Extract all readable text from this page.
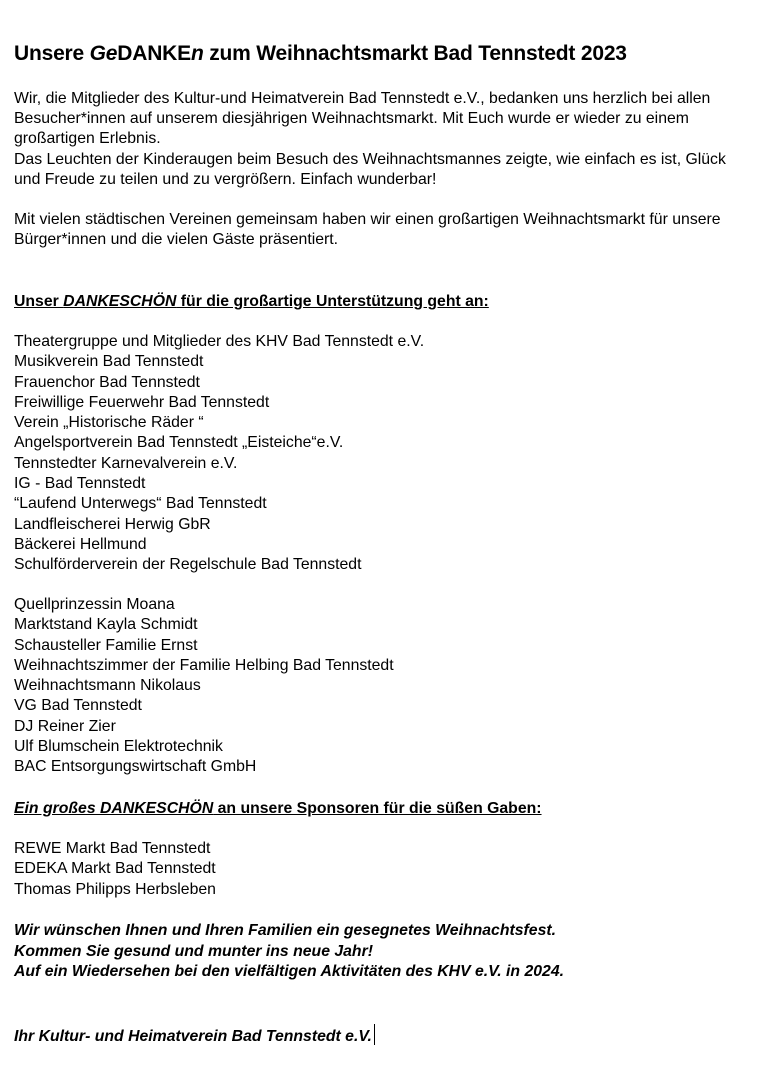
Unsere GeDANKEn zum Weihnachtsmarkt Bad Tennstedt 2023

Wir, die Mitglieder des Kultur-und Heimatverein Bad Tennstedt e.V., bedanken uns herzlich bei allen Besucher*innen auf unserem diesjährigen Weihnachtsmarkt. Mit Euch wurde er wieder zu einem großartigen Erlebnis.

Das Leuchten der Kinderaugen beim Besuch des Weihnachtsmannes zeigte, wie einfach es ist, Glück und Freude zu teilen und zu vergrößern. Einfach wunderbar!

Mit vielen städtischen Vereinen gemeinsam haben wir einen großartigen Weihnachtsmarkt für unsere Bürger*innen und die vielen Gäste präsentiert.

Unser DANKESCHÖN für die großartige Unterstützung geht an:
Theatergruppe und Mitglieder des KHV Bad Tennstedt e.V.
Musikverein Bad Tennstedt
Frauenchor Bad Tennstedt
Freiwillige Feuerwehr Bad Tennstedt
Verein „Historische Räder “
Angelsportverein Bad Tennstedt „Eisteiche“e.V.
Tennstedter Karnevalverein e.V.
IG - Bad Tennstedt
“Laufend Unterwegs“ Bad Tennstedt
Landfleischerei Herwig GbR
Bäckerei Hellmund
Schulförderverein der Regelschule Bad Tennstedt
Quellprinzessin Moana
Marktstand Kayla Schmidt
Schausteller Familie Ernst
Weihnachtszimmer der Familie Helbing Bad Tennstedt
Weihnachtsmann Nikolaus
VG Bad Tennstedt
DJ Reiner Zier
Ulf Blumschein Elektrotechnik
BAC Entsorgungswirtschaft GmbH
Ein großes DANKESCHÖN an unsere Sponsoren für die süßen Gaben:
REWE Markt Bad Tennstedt
EDEKA Markt Bad Tennstedt
Thomas Philipps Herbsleben
Wir wünschen Ihnen und Ihren Familien ein gesegnetes Weihnachtsfest.
Kommen Sie gesund und munter ins neue Jahr!
Auf ein Wiedersehen bei den vielfältigen Aktivitäten des KHV e.V. in 2024.
Ihr Kultur- und Heimatverein Bad Tennstedt e.V.
